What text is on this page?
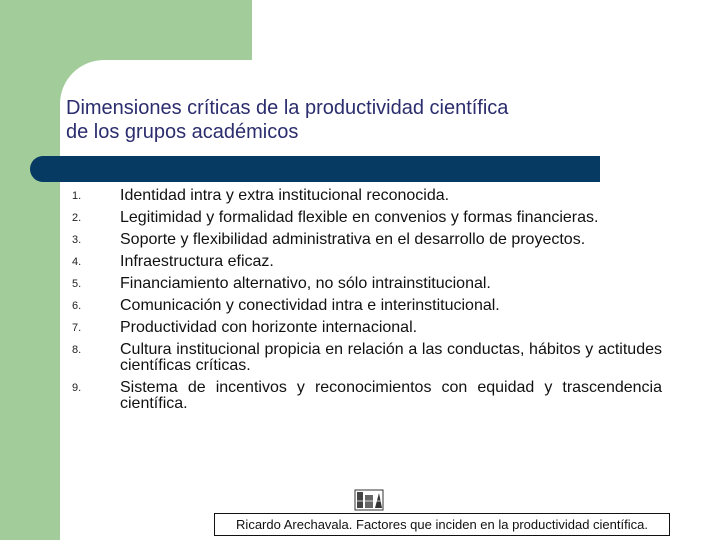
Dimensiones críticas de la productividad científica
de los grupos académicos
1.	Identidad intra y extra institucional reconocida.
2.	Legitimidad y formalidad flexible en convenios y formas financieras.
3.	Soporte y flexibilidad administrativa en el desarrollo de proyectos.
4.	Infraestructura eficaz.
5.	Financiamiento alternativo, no sólo intrainstitucional.
6.	Comunicación y conectividad intra e interinstitucional.
7.	Productividad con horizonte internacional.
8.	Cultura institucional propicia en relación a las conductas, hábitos y actitudes científicas críticas.
9.	Sistema de incentivos y reconocimientos con equidad y trascendencia científica.
Ricardo Arechavala. Factores que inciden en la productividad científica.
